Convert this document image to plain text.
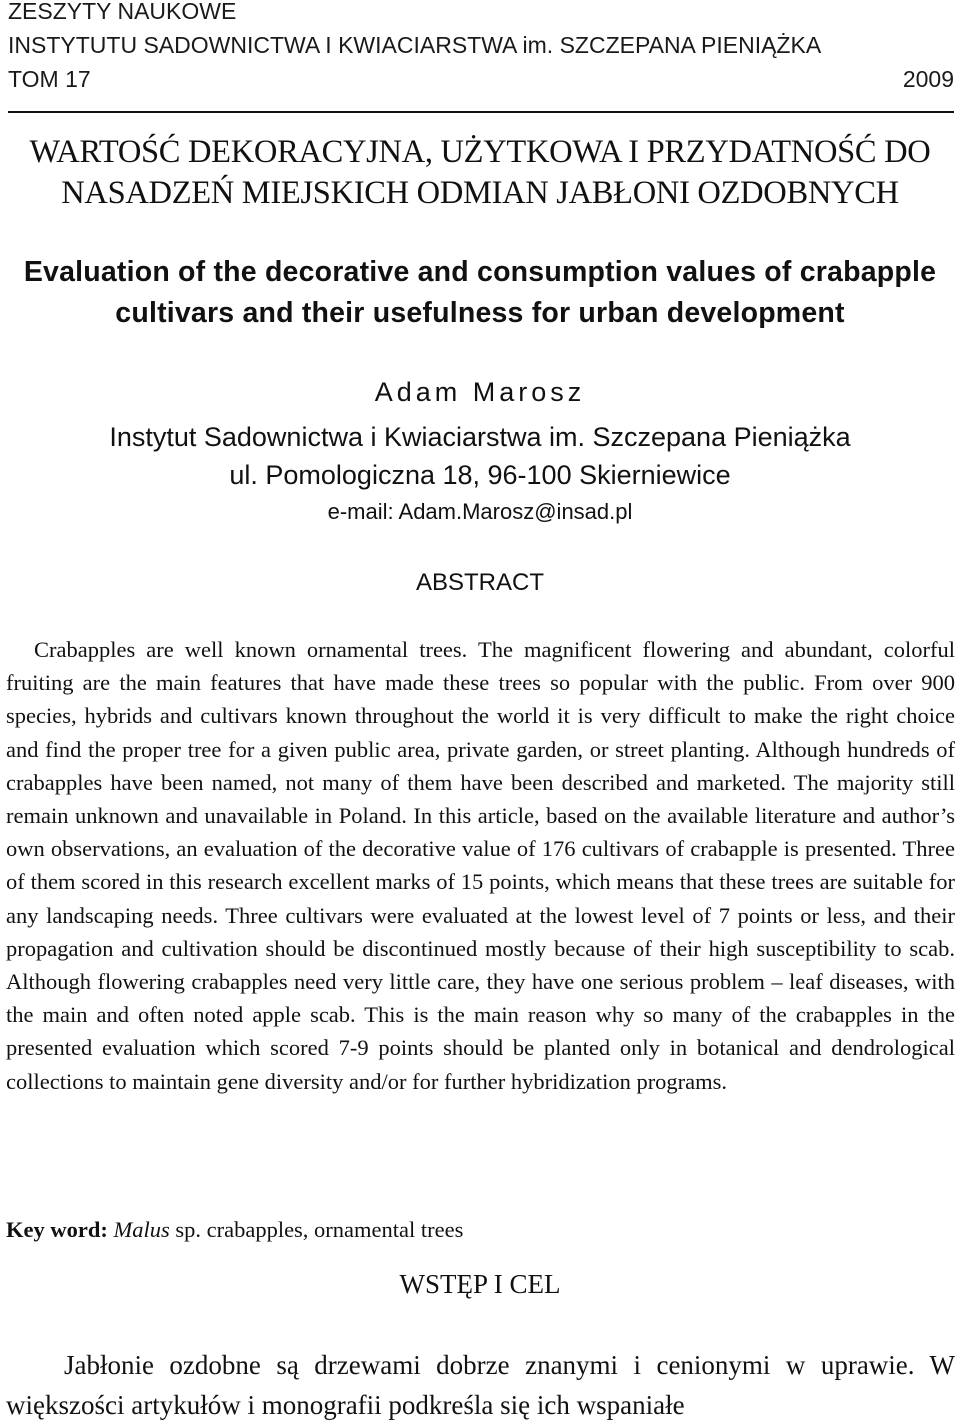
ZESZYTY NAUKOWE
INSTYTUTU SADOWNICTWA I KWIACIARSTWA im. SZCZEPANA PIENIĄŻKA
TOM 17	2009
WARTOŚĆ DEKORACYJNA, UŻYTKOWA I PRZYDATNOŚĆ DO NASADZEŃ MIEJSKICH ODMIAN JABŁONI OZDOBNYCH
Evaluation of the decorative and consumption values of crabapple cultivars and their usefulness for urban development
Adam Marosz
Instytut Sadownictwa i Kwiaciarstwa im. Szczepana Pieniążka
ul. Pomologiczna 18, 96-100 Skierniewice
e-mail: Adam.Marosz@insad.pl
ABSTRACT

Crabapples are well known ornamental trees. The magnificent flowering and abundant, colorful fruiting are the main features that have made these trees so popular with the public. From over 900 species, hybrids and cultivars known throughout the world it is very difficult to make the right choice and find the proper tree for a given public area, private garden, or street planting. Although hundreds of crabapples have been named, not many of them have been described and marketed. The majority still remain unknown and unavailable in Poland. In this article, based on the available literature and author’s own observations, an evaluation of the decorative value of 176 cultivars of crabapple is presented. Three of them scored in this research excellent marks of 15 points, which means that these trees are suitable for any landscaping needs. Three cultivars were evaluated at the lowest level of 7 points or less, and their propagation and cultivation should be discontinued mostly because of their high susceptibility to scab. Although flowering crabapples need very little care, they have one serious problem – leaf diseases, with the main and often noted apple scab. This is the main reason why so many of the crabapples in the presented evaluation which scored 7-9 points should be planted only in botanical and dendrological collections to maintain gene diversity and/or for further hybridization programs.

Key word: Malus sp. crabapples, ornamental trees
WSTĘP I CEL

Jabłonie ozdobne są drzewami dobrze znanymi i cenionymi w uprawie. W większości artykułów i monografii podkreśla się ich wspaniałe
